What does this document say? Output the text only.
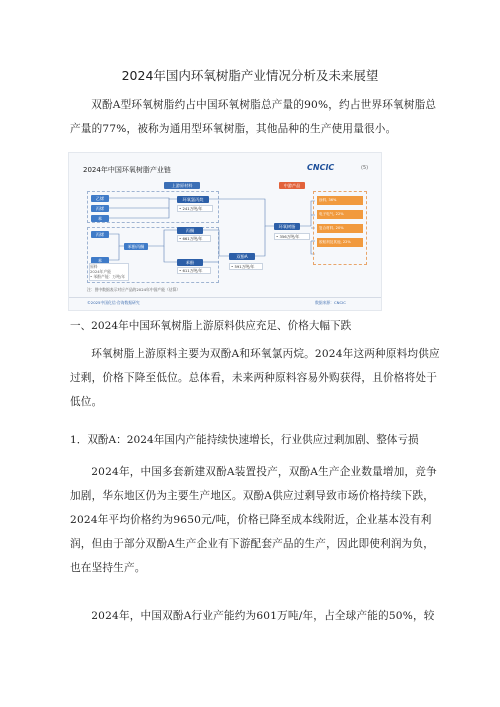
2024年国内环氧树脂产业情况分析及未来展望

双酚A型环氧树脂约占中国环氧树脂总产量的90%，约占世界环氧树脂总产量的77%，被称为通用型环氧树脂，其他品种的生产使用量很小。

2024年中国环氧树脂产业链	CNCIC	(5)
上游原材料	中游产品
乙烯
丙烯
苯
环氧氯丙烷
• 241万吨/年
丙烯
苯
苯酚丙酮
丙酮
• 661万吨/年
苯酚
• 611万吨/年
双酚A
• 591万吨/年
环氧树脂
• 356万吨/年
涂料, 36%
电子电气, 22%
复合材料, 20%
胶粘剂及其他, 22%
原料
2024年产能
• 苯酚产能：万吨/年
注：图中数据表示对应产品的2024年中国产能（估算）
©2025中国化信·咨询数据研究	数据来源：CNCIC
一、2024年中国环氧树脂上游原料供应充足、价格大幅下跌

环氧树脂上游原料主要为双酚A和环氧氯丙烷。2024年这两种原料均供应过剩，价格下降至低位。总体看，未来两种原料容易外购获得，且价格将处于低位。

1．双酚A：2024年国内产能持续快速增长，行业供应过剩加剧、整体亏损

2024年，中国多套新建双酚A装置投产，双酚A生产企业数量增加，竞争加剧，华东地区仍为主要生产地区。双酚A供应过剩导致市场价格持续下跌，2024年平均价格约为9650元/吨，价格已降至成本线附近，企业基本没有利润，但由于部分双酚A生产企业有下游配套产品的生产，因此即使利润为负，也在坚持生产。

2024年，中国双酚A行业产能约为601万吨/年，占全球产能的50%，较
